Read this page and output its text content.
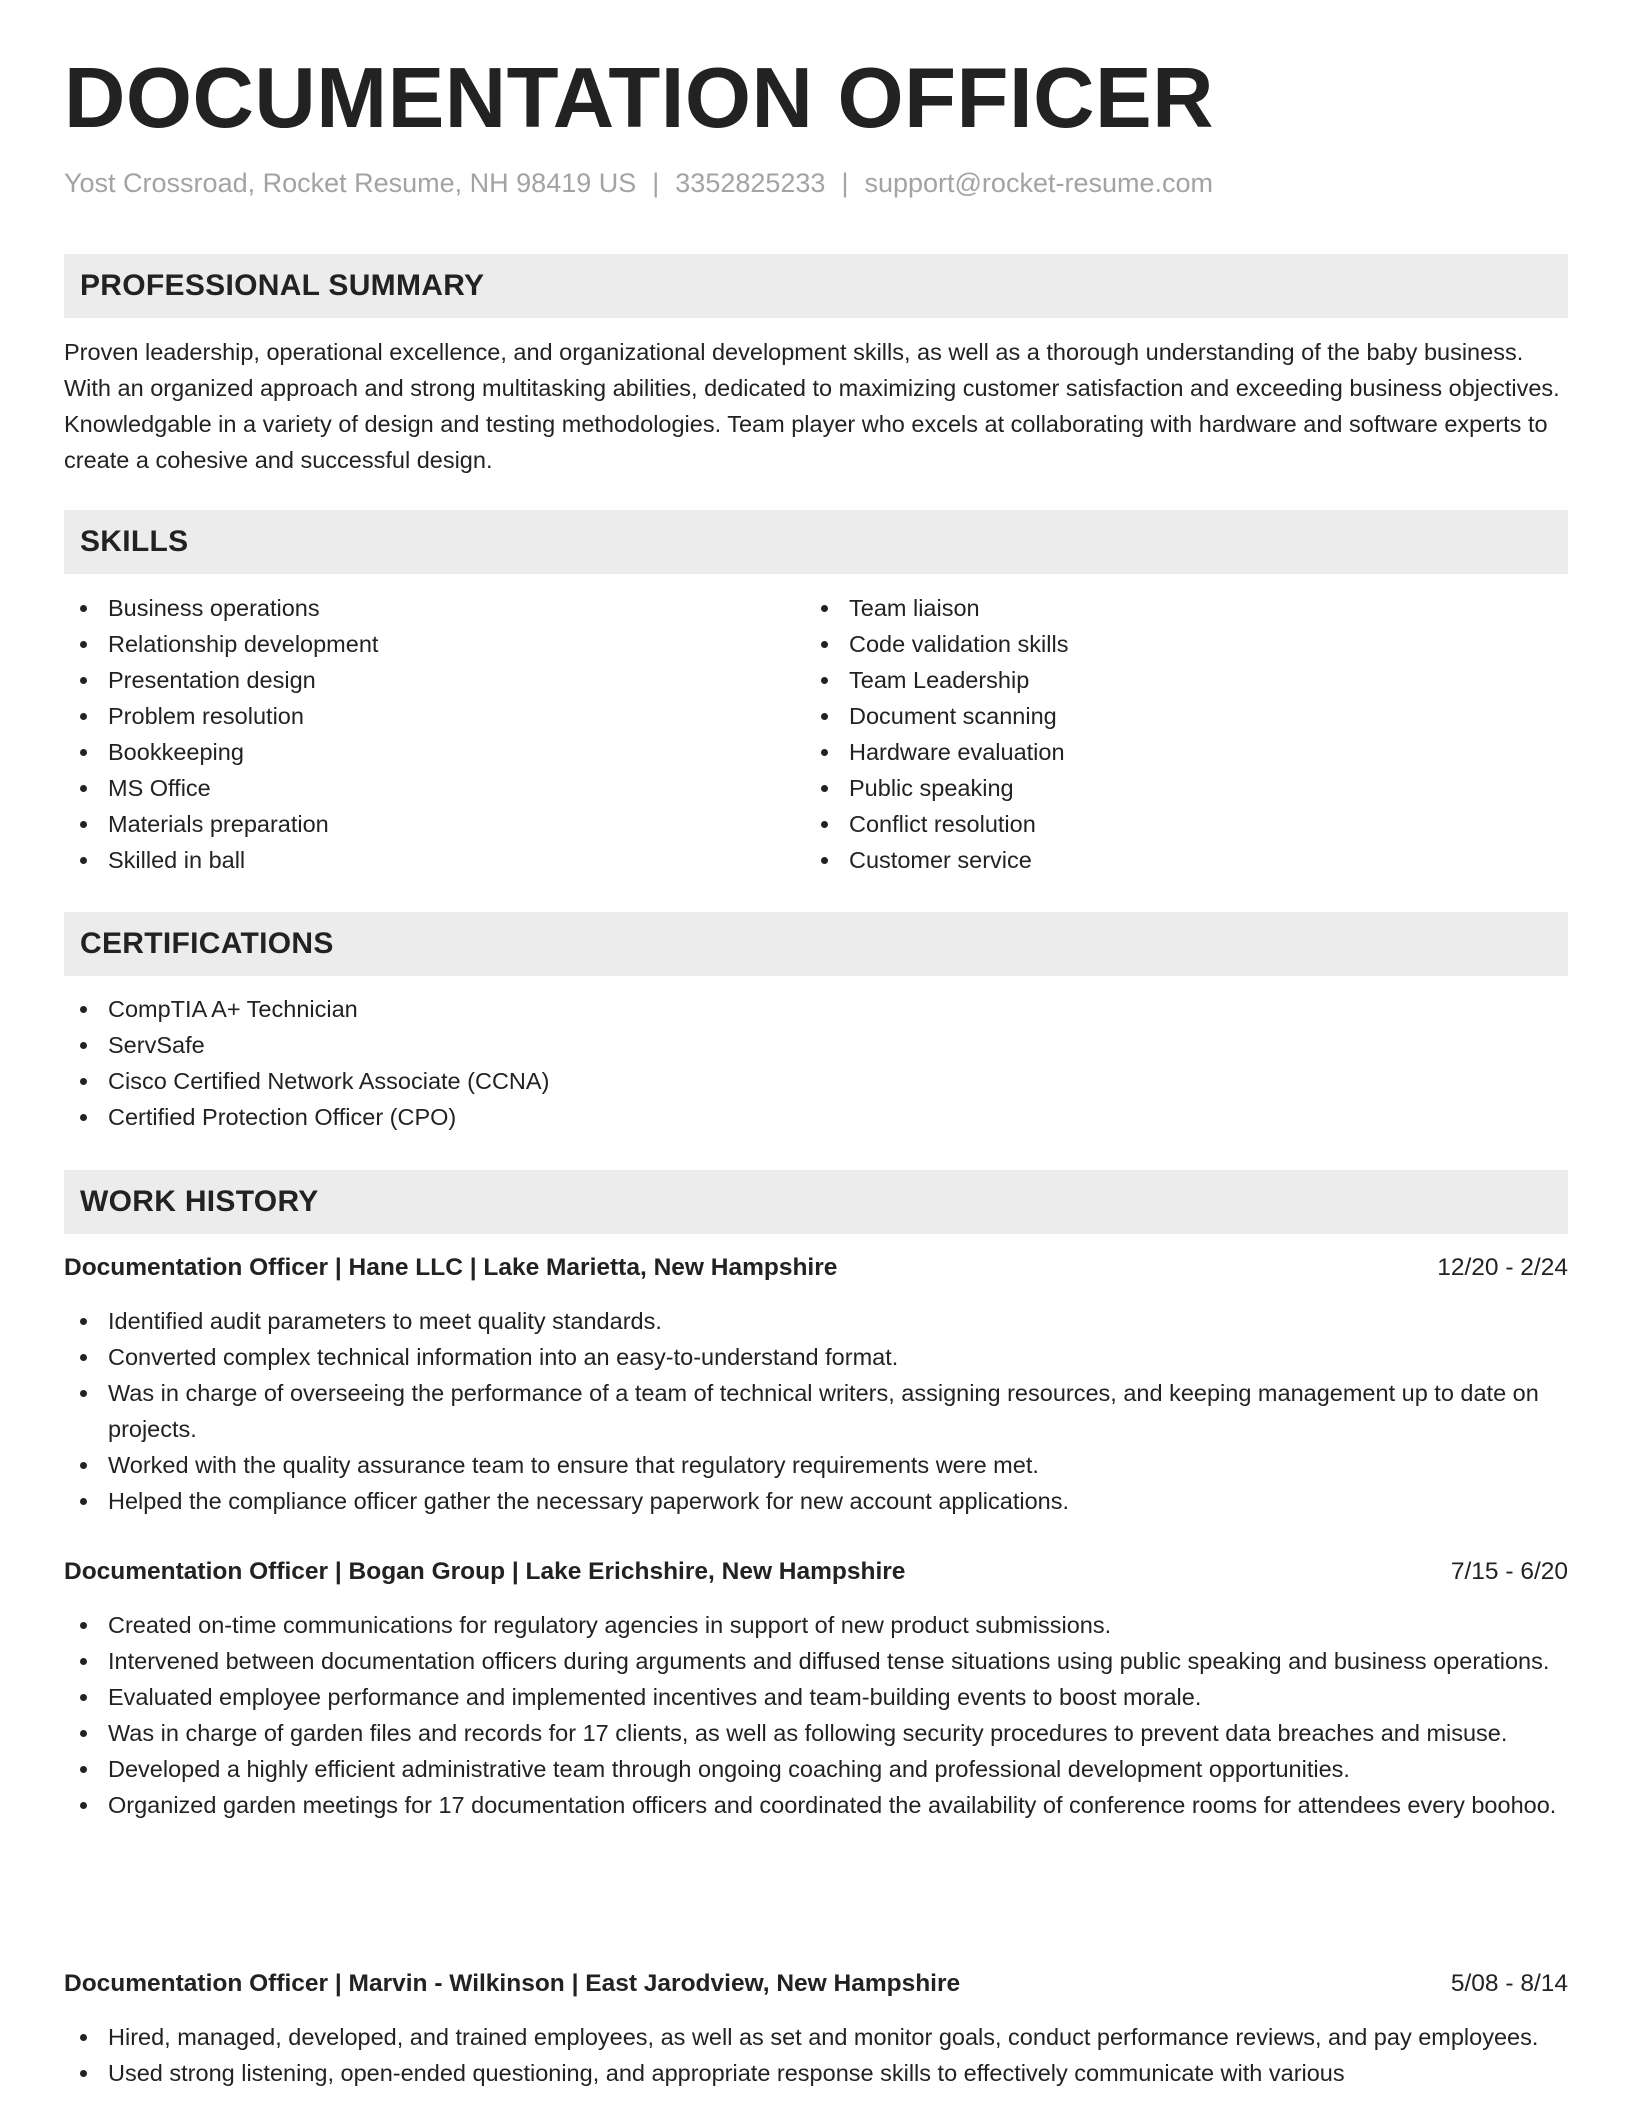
DOCUMENTATION OFFICER
Yost Crossroad, Rocket Resume, NH 98419 US | 3352825233 | support@rocket-resume.com
PROFESSIONAL SUMMARY

Proven leadership, operational excellence, and organizational development skills, as well as a thorough understanding of the baby business. With an organized approach and strong multitasking abilities, dedicated to maximizing customer satisfaction and exceeding business objectives. Knowledgable in a variety of design and testing methodologies. Team player who excels at collaborating with hardware and software experts to create a cohesive and successful design.

SKILLS
Business operations
Relationship development
Presentation design
Problem resolution
Bookkeeping
MS Office
Materials preparation
Skilled in ball
Team liaison
Code validation skills
Team Leadership
Document scanning
Hardware evaluation
Public speaking
Conflict resolution
Customer service
CERTIFICATIONS
CompTIA A+ Technician
ServSafe
Cisco Certified Network Associate (CCNA)
Certified Protection Officer (CPO)
WORK HISTORY
Documentation Officer | Hane LLC | Lake Marietta, New Hampshire	12/20 - 2/24
Identified audit parameters to meet quality standards.
Converted complex technical information into an easy-to-understand format.
Was in charge of overseeing the performance of a team of technical writers, assigning resources, and keeping management up to date on projects.
Worked with the quality assurance team to ensure that regulatory requirements were met.
Helped the compliance officer gather the necessary paperwork for new account applications.
Documentation Officer | Bogan Group | Lake Erichshire, New Hampshire	7/15 - 6/20
Created on-time communications for regulatory agencies in support of new product submissions.
Intervened between documentation officers during arguments and diffused tense situations using public speaking and business operations.
Evaluated employee performance and implemented incentives and team-building events to boost morale.
Was in charge of garden files and records for 17 clients, as well as following security procedures to prevent data breaches and misuse.
Developed a highly efficient administrative team through ongoing coaching and professional development opportunities.
Organized garden meetings for 17 documentation officers and coordinated the availability of conference rooms for attendees every boohoo.
Documentation Officer | Marvin - Wilkinson | East Jarodview, New Hampshire	5/08 - 8/14
Hired, managed, developed, and trained employees, as well as set and monitor goals, conduct performance reviews, and pay employees.
Used strong listening, open-ended questioning, and appropriate response skills to effectively communicate with various
